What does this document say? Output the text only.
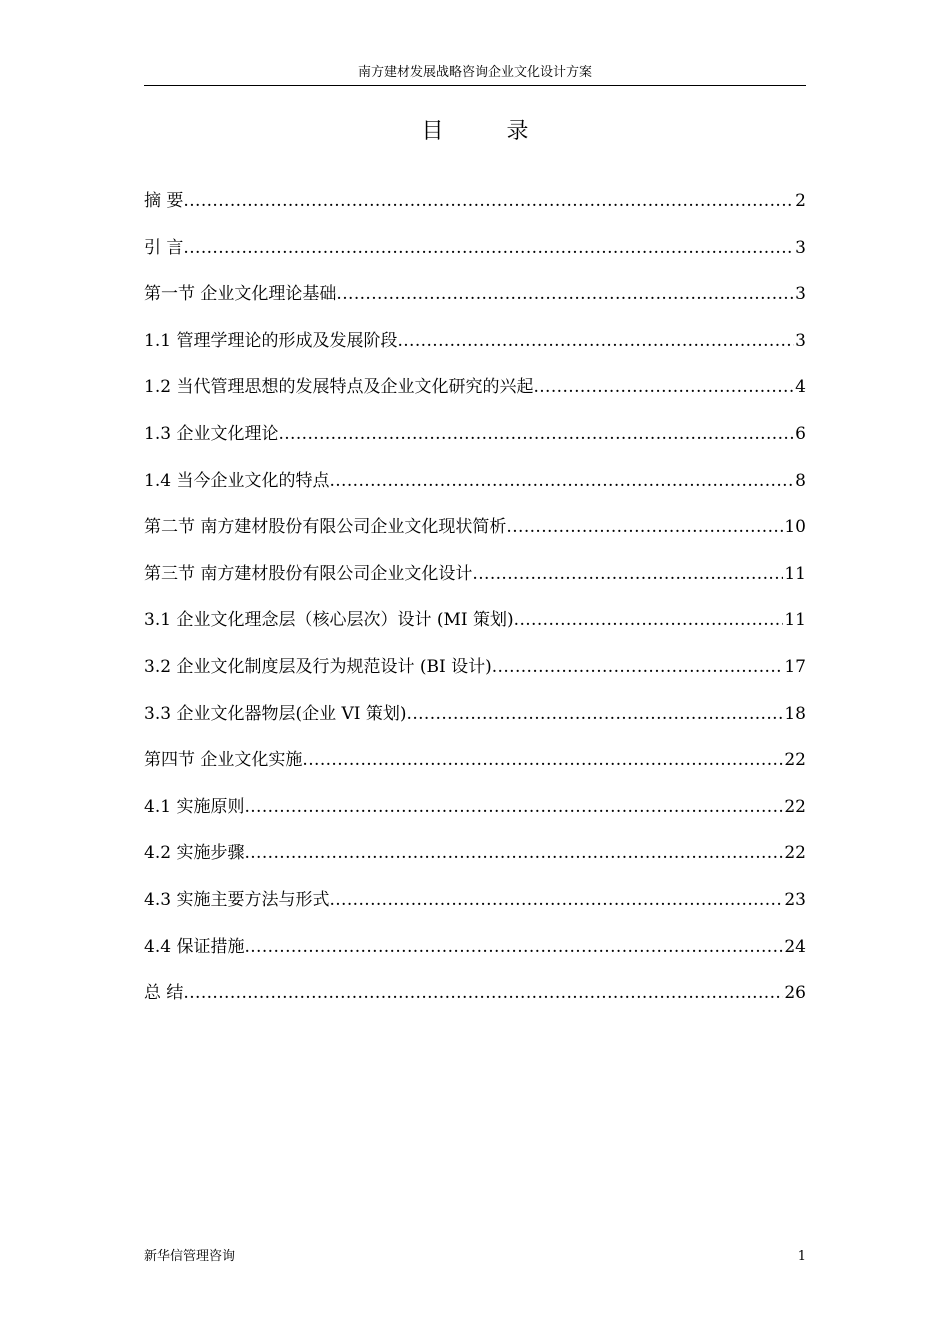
南方建材发展战略咨询企业文化设计方案
目 录
摘 要 .....	2
引 言 .....	3
第一节 企业文化理论基础 .....	3
1.1 管理学理论的形成及发展阶段 .....	3
1.2 当代管理思想的发展特点及企业文化研究的兴起 .....	4
1.3 企业文化理论 .....	6
1.4 当今企业文化的特点 .....	8
第二节 南方建材股份有限公司企业文化现状简析 .....	10
第三节 南方建材股份有限公司企业文化设计 .....	11
3.1 企业文化理念层（核心层次）设计 (MI 策划) .....	11
3.2 企业文化制度层及行为规范设计 (BI 设计) .....	17
3.3 企业文化器物层(企业 VI 策划) .....	18
第四节 企业文化实施 .....	22
4.1 实施原则 .....	22
4.2 实施步骤 .....	22
4.3 实施主要方法与形式 .....	23
4.4 保证措施 .....	24
总 结 .....	26
新华信管理咨询	1
